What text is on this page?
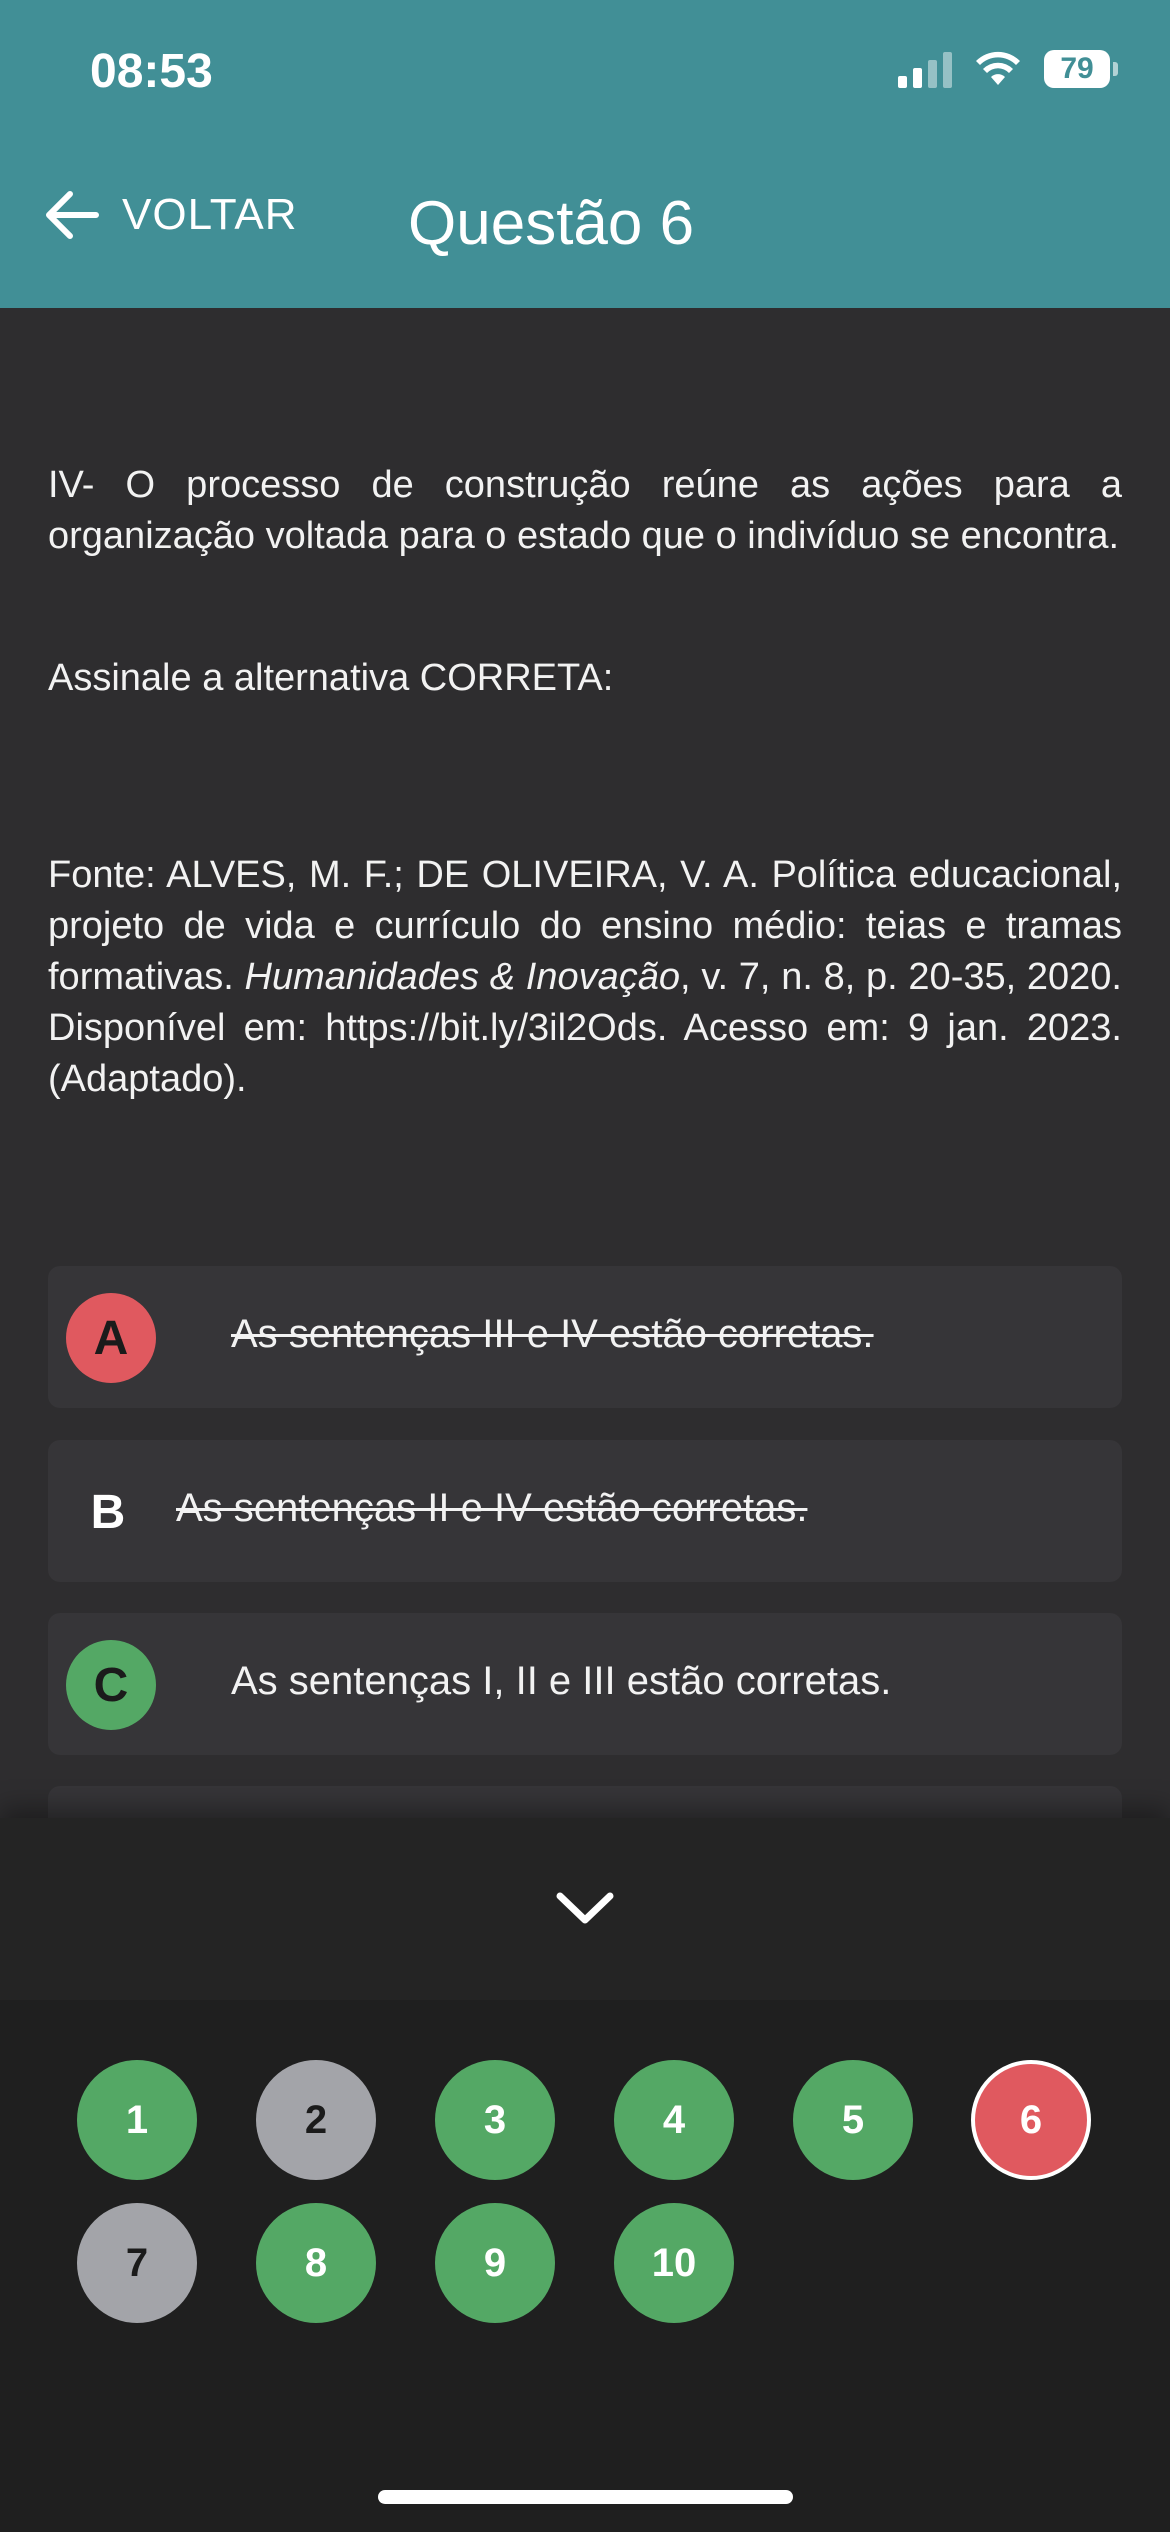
08:53	79
VOLTAR Questão 6

IV- O processo de construção reúne as ações para a organização voltada para o estado que o indivíduo se encontra.

Assinale a alternativa CORRETA:

Fonte: ALVES, M. F.; DE OLIVEIRA, V. A. Política educacional, projeto de vida e currículo do ensino médio: teias e tramas formativas. Humanidades & Inovação, v. 7, n. 8, p. 20-35, 2020. Disponível em: https://bit.ly/3il2Ods. Acesso em: 9 jan. 2023. (Adaptado).

A	As sentenças III e IV estão corretas.
B	As sentenças II e IV estão corretas.
C	As sentenças I, II e III estão corretas.
1	2	3	4	5	6
7	8	9	10
